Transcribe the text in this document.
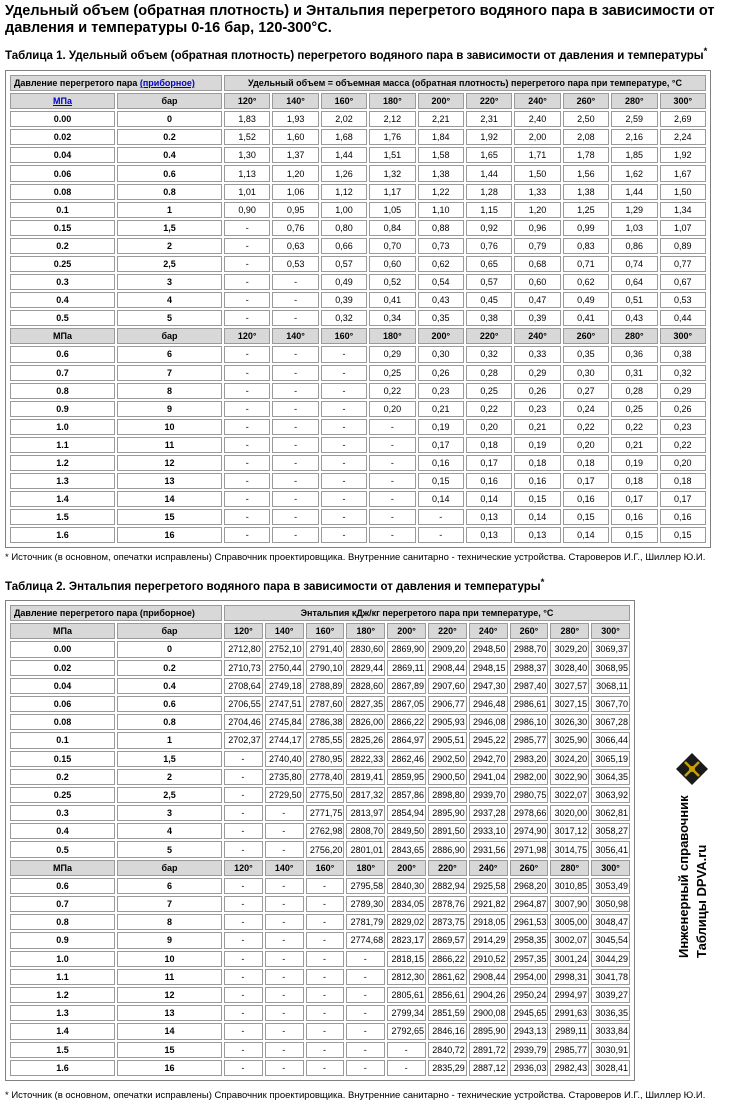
Удельный объем (обратная плотность) и Энтальпия перегретого водяного пара в зависимости от давления и температуры 0-16 бар, 120-300°C.

Таблица 1. Удельный объем (обратная плотность) перегретого водяного пара в зависимости от давления и температуры*

Давление перегретого пара (приборное)		Удельный объем = объемная масса (обратная плотность) перегретого пара при температуре, °С									
МПа	бар	120°	140°	160°	180°	200°	220°	240°	260°	280°	300°
0.00	0	1,83	1,93	2,02	2,12	2,21	2,31	2,40	2,50	2,59	2,69
0.02	0.2	1,52	1,60	1,68	1,76	1,84	1,92	2,00	2,08	2,16	2,24
0.04	0.4	1,30	1,37	1,44	1,51	1,58	1,65	1,71	1,78	1,85	1,92
0.06	0.6	1,13	1,20	1,26	1,32	1,38	1,44	1,50	1,56	1,62	1,67
0.08	0.8	1,01	1,06	1,12	1,17	1,22	1,28	1,33	1,38	1,44	1,50
0.1	1	0,90	0,95	1,00	1,05	1,10	1,15	1,20	1,25	1,29	1,34
0.15	1,5	-	0,76	0,80	0,84	0,88	0,92	0,96	0,99	1,03	1,07
0.2	2	-	0,63	0,66	0,70	0,73	0,76	0,79	0,83	0,86	0,89
0.25	2,5	-	0,53	0,57	0,60	0,62	0,65	0,68	0,71	0,74	0,77
0.3	3	-	-	0,49	0,52	0,54	0,57	0,60	0,62	0,64	0,67
0.4	4	-	-	0,39	0,41	0,43	0,45	0,47	0,49	0,51	0,53
0.5	5	-	-	0,32	0,34	0,35	0,38	0,39	0,41	0,43	0,44
МПа	бар	120°	140°	160°	180°	200°	220°	240°	260°	280°	300°
0.6	6	-	-	-	0,29	0,30	0,32	0,33	0,35	0,36	0,38
0.7	7	-	-	-	0,25	0,26	0,28	0,29	0,30	0,31	0,32
0.8	8	-	-	-	0,22	0,23	0,25	0,26	0,27	0,28	0,29
0.9	9	-	-	-	0,20	0,21	0,22	0,23	0,24	0,25	0,26
1.0	10	-	-	-	-	0,19	0,20	0,21	0,22	0,22	0,23
1.1	11	-	-	-	-	0,17	0,18	0,19	0,20	0,21	0,22
1.2	12	-	-	-	-	0,16	0,17	0,18	0,18	0,19	0,20
1.3	13	-	-	-	-	0,15	0,16	0,16	0,17	0,18	0,18
1.4	14	-	-	-	-	0,14	0,14	0,15	0,16	0,17	0,17
1.5	15	-	-	-	-	-	0,13	0,14	0,15	0,16	0,16
1.6	16	-	-	-	-	-	0,13	0,13	0,14	0,15	0,15

* Источник (в основном, опечатки исправлены) Справочник проектировщика. Внутренние санитарно - технические устройства. Староверов И.Г., Шиллер Ю.И.

Таблица 2. Энтальпия перегретого водяного пара в зависимости от давления и температуры*

Давление перегретого пара (приборное)		Энтальпия кДж/кг перегретого пара при температуре, °С									
МПа	бар	120°	140°	160°	180°	200°	220°	240°	260°	280°	300°
0.00	0	2712,80	2752,10	2791,40	2830,60	2869,90	2909,20	2948,50	2988,70	3029,20	3069,37
0.02	0.2	2710,73	2750,44	2790,10	2829,44	2869,11	2908,44	2948,15	2988,37	3028,40	3068,95
0.04	0.4	2708,64	2749,18	2788,89	2828,60	2867,89	2907,60	2947,30	2987,40	3027,57	3068,11
0.06	0.6	2706,55	2747,51	2787,60	2827,35	2867,05	2906,77	2946,48	2986,61	3027,15	3067,70
0.08	0.8	2704,46	2745,84	2786,38	2826,00	2866,22	2905,93	2946,08	2986,10	3026,30	3067,28
0.1	1	2702,37	2744,17	2785,55	2825,26	2864,97	2905,51	2945,22	2985,77	3025,90	3066,44
0.15	1,5	-	2740,40	2780,95	2822,33	2862,46	2902,50	2942,70	2983,20	3024,20	3065,19
0.2	2	-	2735,80	2778,40	2819,41	2859,95	2900,50	2941,04	2982,00	3022,90	3064,35
0.25	2,5	-	2729,50	2775,50	2817,32	2857,86	2898,80	2939,70	2980,75	3022,07	3063,92
0.3	3	-	-	2771,75	2813,97	2854,94	2895,90	2937,28	2978,66	3020,00	3062,81
0.4	4	-	-	2762,98	2808,70	2849,50	2891,50	2933,10	2974,90	3017,12	3058,27
0.5	5	-	-	2756,20	2801,01	2843,65	2886,90	2931,56	2971,98	3014,75	3056,41
МПа	бар	120°	140°	160°	180°	200°	220°	240°	260°	280°	300°
0.6	6	-	-	-	2795,58	2840,30	2882,94	2925,58	2968,20	3010,85	3053,49
0.7	7	-	-	-	2789,30	2834,05	2878,76	2921,82	2964,87	3007,90	3050,98
0.8	8	-	-	-	2781,79	2829,02	2873,75	2918,05	2961,53	3005,00	3048,47
0.9	9	-	-	-	2774,68	2823,17	2869,57	2914,29	2958,35	3002,07	3045,54
1.0	10	-	-	-	-	2818,15	2866,22	2910,52	2957,35	3001,24	3044,29
1.1	11	-	-	-	-	2812,30	2861,62	2908,44	2954,00	2998,31	3041,78
1.2	12	-	-	-	-	2805,61	2856,61	2904,26	2950,24	2994,97	3039,27
1.3	13	-	-	-	-	2799,34	2851,59	2900,08	2945,65	2991,63	3036,35
1.4	14	-	-	-	-	2792,65	2846,16	2895,90	2943,13	2989,11	3033,84
1.5	15	-	-	-	-	-	2840,72	2891,72	2939,79	2985,77	3030,91
1.6	16	-	-	-	-	-	2835,29	2887,12	2936,03	2982,43	3028,41

* Источник (в основном, опечатки исправлены) Справочник проектировщика. Внутренние санитарно - технические устройства. Староверов И.Г., Шиллер Ю.И.

Инженерный справочник Таблицы DPVA.ru
